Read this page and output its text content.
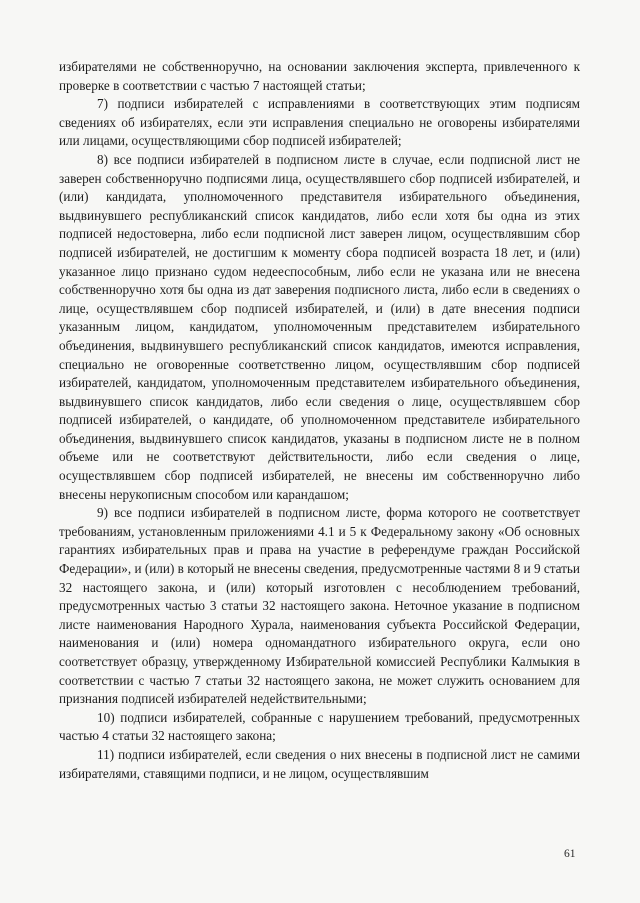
избирателями не собственноручно, на основании заключения эксперта, привлеченного к проверке в соответствии с частью 7 настоящей статьи;

7) подписи избирателей с исправлениями в соответствующих этим подписям сведениях об избирателях, если эти исправления специально не оговорены избирателями или лицами, осуществляющими сбор подписей избирателей;

8) все подписи избирателей в подписном листе в случае, если подписной лист не заверен собственноручно подписями лица, осуществлявшего сбор подписей избирателей, и (или) кандидата, уполномоченного представителя избирательного объединения, выдвинувшего республиканский список кандидатов, либо если хотя бы одна из этих подписей недостоверна, либо если подписной лист заверен лицом, осуществлявшим сбор подписей избирателей, не достигшим к моменту сбора подписей возраста 18 лет, и (или) указанное лицо признано судом недееспособным, либо если не указана или не внесена собственноручно хотя бы одна из дат заверения подписного листа, либо если в сведениях о лице, осуществлявшем сбор подписей избирателей, и (или) в дате внесения подписи указанным лицом, кандидатом, уполномоченным представителем избирательного объединения, выдвинувшего республиканский список кандидатов, имеются исправления, специально не оговоренные соответственно лицом, осуществлявшим сбор подписей избирателей, кандидатом, уполномоченным представителем избирательного объединения, выдвинувшего список кандидатов, либо если сведения о лице, осуществлявшем сбор подписей избирателей, о кандидате, об уполномоченном представителе избирательного объединения, выдвинувшего список кандидатов, указаны в подписном листе не в полном объеме или не соответствуют действительности, либо если сведения о лице, осуществлявшем сбор подписей избирателей, не внесены им собственноручно либо внесены нерукописным способом или карандашом;

9) все подписи избирателей в подписном листе, форма которого не соответствует требованиям, установленным приложениями 4.1 и 5 к Федеральному закону «Об основных гарантиях избирательных прав и права на участие в референдуме граждан Российской Федерации», и (или) в который не внесены сведения, предусмотренные частями 8 и 9 статьи 32 настоящего закона, и (или) который изготовлен с несоблюдением требований, предусмотренных частью 3 статьи 32 настоящего закона. Неточное указание в подписном листе наименования Народного Хурала, наименования субъекта Российской Федерации, наименования и (или) номера одномандатного избирательного округа, если оно соответствует образцу, утвержденному Избирательной комиссией Республики Калмыкия в соответствии с частью 7 статьи 32 настоящего закона, не может служить основанием для признания подписей избирателей недействительными;

10) подписи избирателей, собранные с нарушением требований, предусмотренных частью 4 статьи 32 настоящего закона;

11) подписи избирателей, если сведения о них внесены в подписной лист не самими избирателями, ставящими подписи, и не лицом, осуществлявшим

61
